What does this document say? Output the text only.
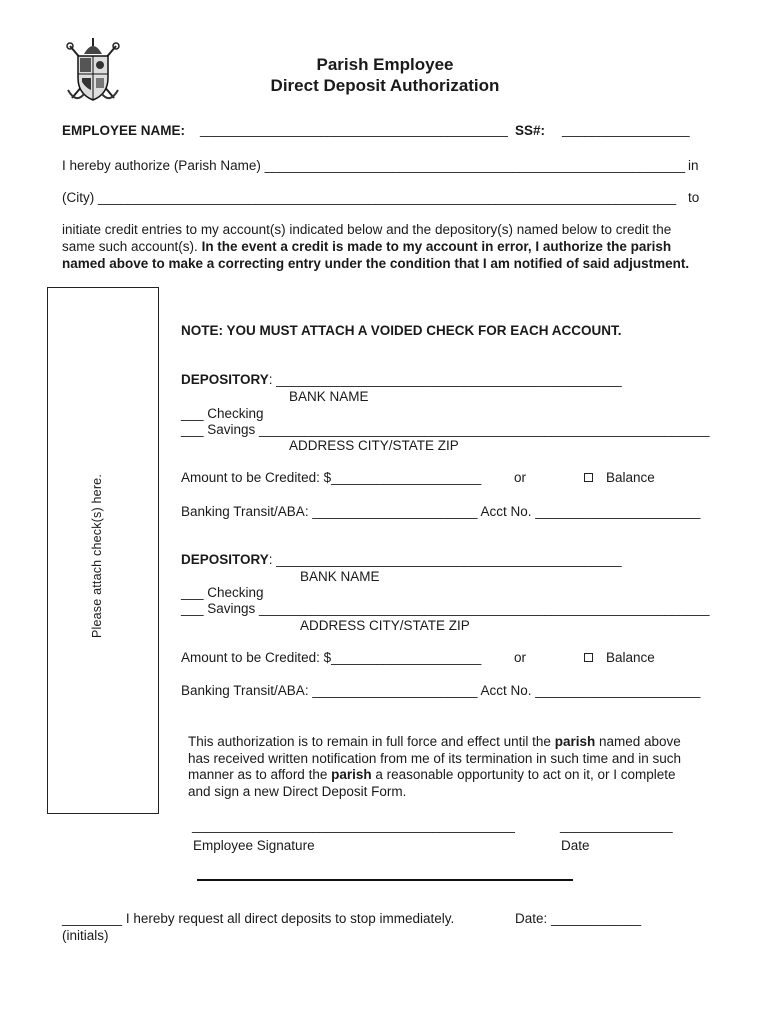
Parish Employee
Direct Deposit Authorization
EMPLOYEE NAME: _________________________________________ SS#: _________________
I hereby authorize (Parish Name) ________________________________________________________ in
(City) _____________________________________________________________________________ to
initiate credit entries to my account(s) indicated below and the depository(s) named below to credit the
same such account(s). In the event a credit is made to my account in error, I authorize the parish
named above to make a correcting entry under the condition that I am notified of said adjustment.
Please attach check(s) here.
NOTE: YOU MUST ATTACH A VOIDED CHECK FOR EACH ACCOUNT.
DEPOSITORY: ______________________________________________
BANK NAME
___ Checking
___ Savings ____________________________________________________________
ADDRESS CITY/STATE ZIP
Amount to be Credited: $____________________ or	Balance
Banking Transit/ABA: ______________________ Acct No. ______________________
DEPOSITORY: ______________________________________________
BANK NAME
___ Checking
___ Savings ____________________________________________________________
ADDRESS CITY/STATE ZIP
Amount to be Credited: $____________________ or	Balance
Banking Transit/ABA: ______________________ Acct No. ______________________
This authorization is to remain in full force and effect until the parish named above
has received written notification from me of its termination in such time and in such
manner as to afford the parish a reasonable opportunity to act on it, or I complete
and sign a new Direct Deposit Form.
___________________________________________	_______________
Employee Signature	Date
________ I hereby request all direct deposits to stop immediately.	Date: ____________
(initials)
